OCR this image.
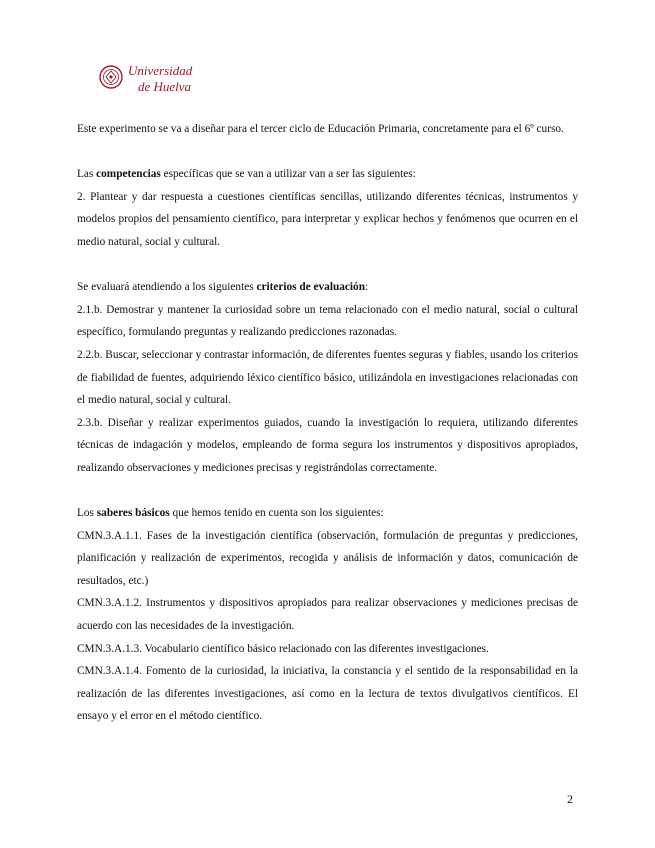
Universidad
de Huelva

Este experimento se va a diseñar para el tercer ciclo de Educación Primaria, concretamente para el 6º curso.

Las competencias específicas que se van a utilizar van a ser las siguientes:

2. Plantear y dar respuesta a cuestiones científicas sencillas, utilizando diferentes técnicas, instrumentos y modelos propios del pensamiento científico, para interpretar y explicar hechos y fenómenos que ocurren en el medio natural, social y cultural.

Se evaluará atendiendo a los siguientes criterios de evaluación:

2.1.b. Demostrar y mantener la curiosidad sobre un tema relacionado con el medio natural, social o cultural específico, formulando preguntas y realizando predicciones razonadas.

2.2.b. Buscar, seleccionar y contrastar información, de diferentes fuentes seguras y fiables, usando los criterios de fiabilidad de fuentes, adquiriendo léxico científico básico, utilizándola en investigaciones relacionadas con el medio natural, social y cultural.

2.3.b. Diseñar y realizar experimentos guiados, cuando la investigación lo requiera, utilizando diferentes técnicas de indagación y modelos, empleando de forma segura los instrumentos y dispositivos apropiados, realizando observaciones y mediciones precisas y registrándolas correctamente.

Los saberes básicos que hemos tenido en cuenta son los siguientes:

CMN.3.A.1.1. Fases de la investigación científica (observación, formulación de preguntas y predicciones, planificación y realización de experimentos, recogida y análisis de información y datos, comunicación de resultados, etc.)

CMN.3.A.1.2. Instrumentos y dispositivos apropiados para realizar observaciones y mediciones precisas de acuerdo con las necesidades de la investigación.

CMN.3.A.1.3. Vocabulario científico básico relacionado con las diferentes investigaciones.

CMN.3.A.1.4. Fomento de la curiosidad, la iniciativa, la constancia y el sentido de la responsabilidad en la realización de las diferentes investigaciones, así como en la lectura de textos divulgativos científicos. El ensayo y el error en el método científico.

2
